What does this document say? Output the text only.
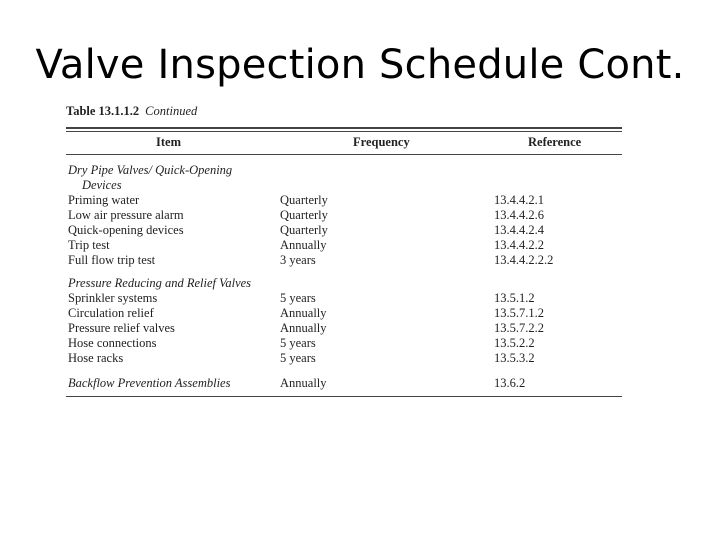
Valve Inspection Schedule Cont.
Table 13.1.1.2 Continued
Item	Frequency	Reference
Dry Pipe Valves/ Quick-Opening
Devices
Priming water	Quarterly	13.4.4.2.1
Low air pressure alarm	Quarterly	13.4.4.2.6
Quick-opening devices	Quarterly	13.4.4.2.4
Trip test	Annually	13.4.4.2.2
Full flow trip test	3 years	13.4.4.2.2.2
Pressure Reducing and Relief Valves
Sprinkler systems	5 years	13.5.1.2
Circulation relief	Annually	13.5.7.1.2
Pressure relief valves	Annually	13.5.7.2.2
Hose connections	5 years	13.5.2.2
Hose racks	5 years	13.5.3.2
Backflow Prevention Assemblies	Annually	13.6.2
